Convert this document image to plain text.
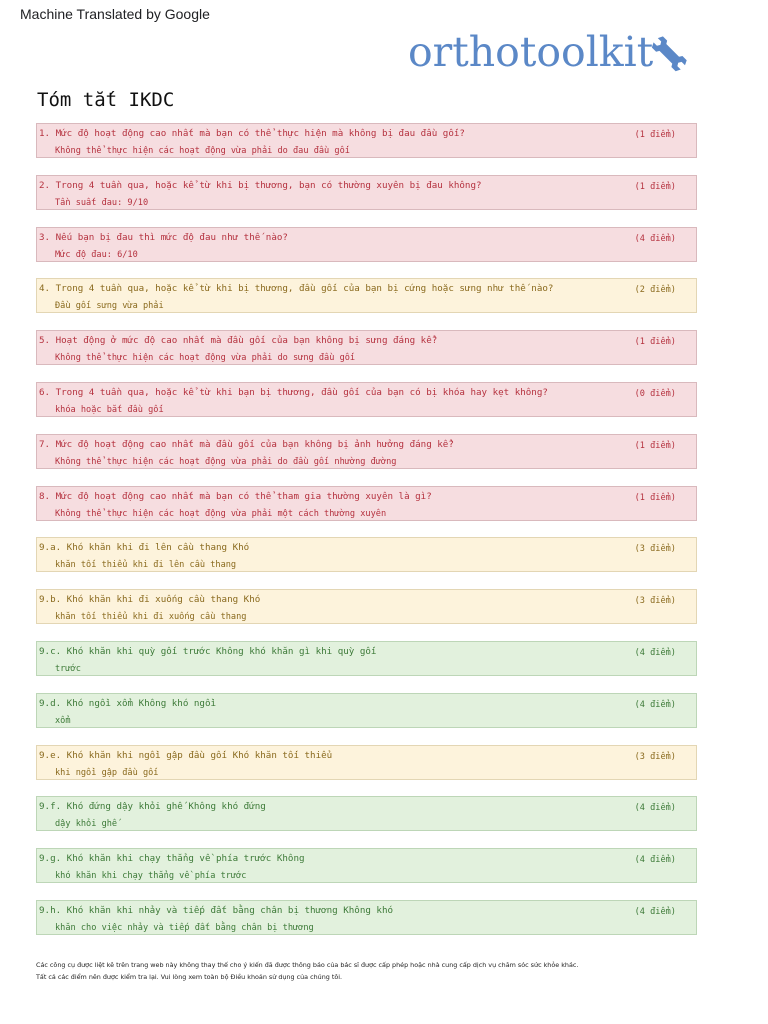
Machine Translated by Google
orthotoolkit
Tóm tắt IKDC
1. Mức độ hoạt động cao nhất mà bạn có thể thực hiện mà không bị đau đầu gối?
Không thể thực hiện các hoạt động vừa phải do đau đầu gối
(1 điểm)
2. Trong 4 tuần qua, hoặc kể từ khi bị thương, bạn có thường xuyên bị đau không?
Tần suất đau: 9/10
(1 điểm)
3. Nếu bạn bị đau thì mức độ đau như thế nào?
Mức độ đau: 6/10
(4 điểm)
4. Trong 4 tuần qua, hoặc kể từ khi bị thương, đầu gối của bạn bị cứng hoặc sưng như thế nào?
Đầu gối sưng vừa phải
(2 điểm)
5. Hoạt động ở mức độ cao nhất mà đầu gối của bạn không bị sưng đáng kể?
Không thể thực hiện các hoạt động vừa phải do sưng đầu gối
(1 điểm)
6. Trong 4 tuần qua, hoặc kể từ khi bạn bị thương, đầu gối của bạn có bị khóa hay kẹt không?
khóa hoặc bắt đầu gối
(0 điểm)
7. Mức độ hoạt động cao nhất mà đầu gối của bạn không bị ảnh hưởng đáng kể?
Không thể thực hiện các hoạt động vừa phải do đầu gối nhường đường
(1 điểm)
8. Mức độ hoạt động cao nhất mà bạn có thể tham gia thường xuyên là gì?
Không thể thực hiện các hoạt động vừa phải một cách thường xuyên
(1 điểm)
9.a. Khó khăn khi đi lên cầu thang Khó
khăn tối thiểu khi đi lên cầu thang
(3 điểm)
9.b. Khó khăn khi đi xuống cầu thang Khó
khăn tối thiểu khi đi xuống cầu thang
(3 điểm)
9.c. Khó khăn khi quỳ gối trước Không khó khăn gì khi quỳ gối
trước
(4 điểm)
9.d. Khó ngồi xổm Không khó ngồi
xổm
(4 điểm)
9.e. Khó khăn khi ngồi gập đầu gối Khó khăn tối thiểu
khi ngồi gập đầu gối
(3 điểm)
9.f. Khó đứng dậy khỏi ghế Không khó đứng
dậy khỏi ghế
(4 điểm)
9.g. Khó khăn khi chạy thẳng về phía trước Không
khó khăn khi chạy thẳng về phía trước
(4 điểm)
9.h. Khó khăn khi nhảy và tiếp đất bằng chân bị thương Không khó
khăn cho việc nhảy và tiếp đất bằng chân bị thương
(4 điểm)
Các công cụ được liệt kê trên trang web này không thay thế cho ý kiến đã được thông báo của bác sĩ được cấp phép hoặc nhà cung cấp dịch vụ chăm sóc sức khỏe khác.
Tất cả các điểm nên được kiểm tra lại. Vui lòng xem toàn bộ Điều khoản sử dụng của chúng tôi.
